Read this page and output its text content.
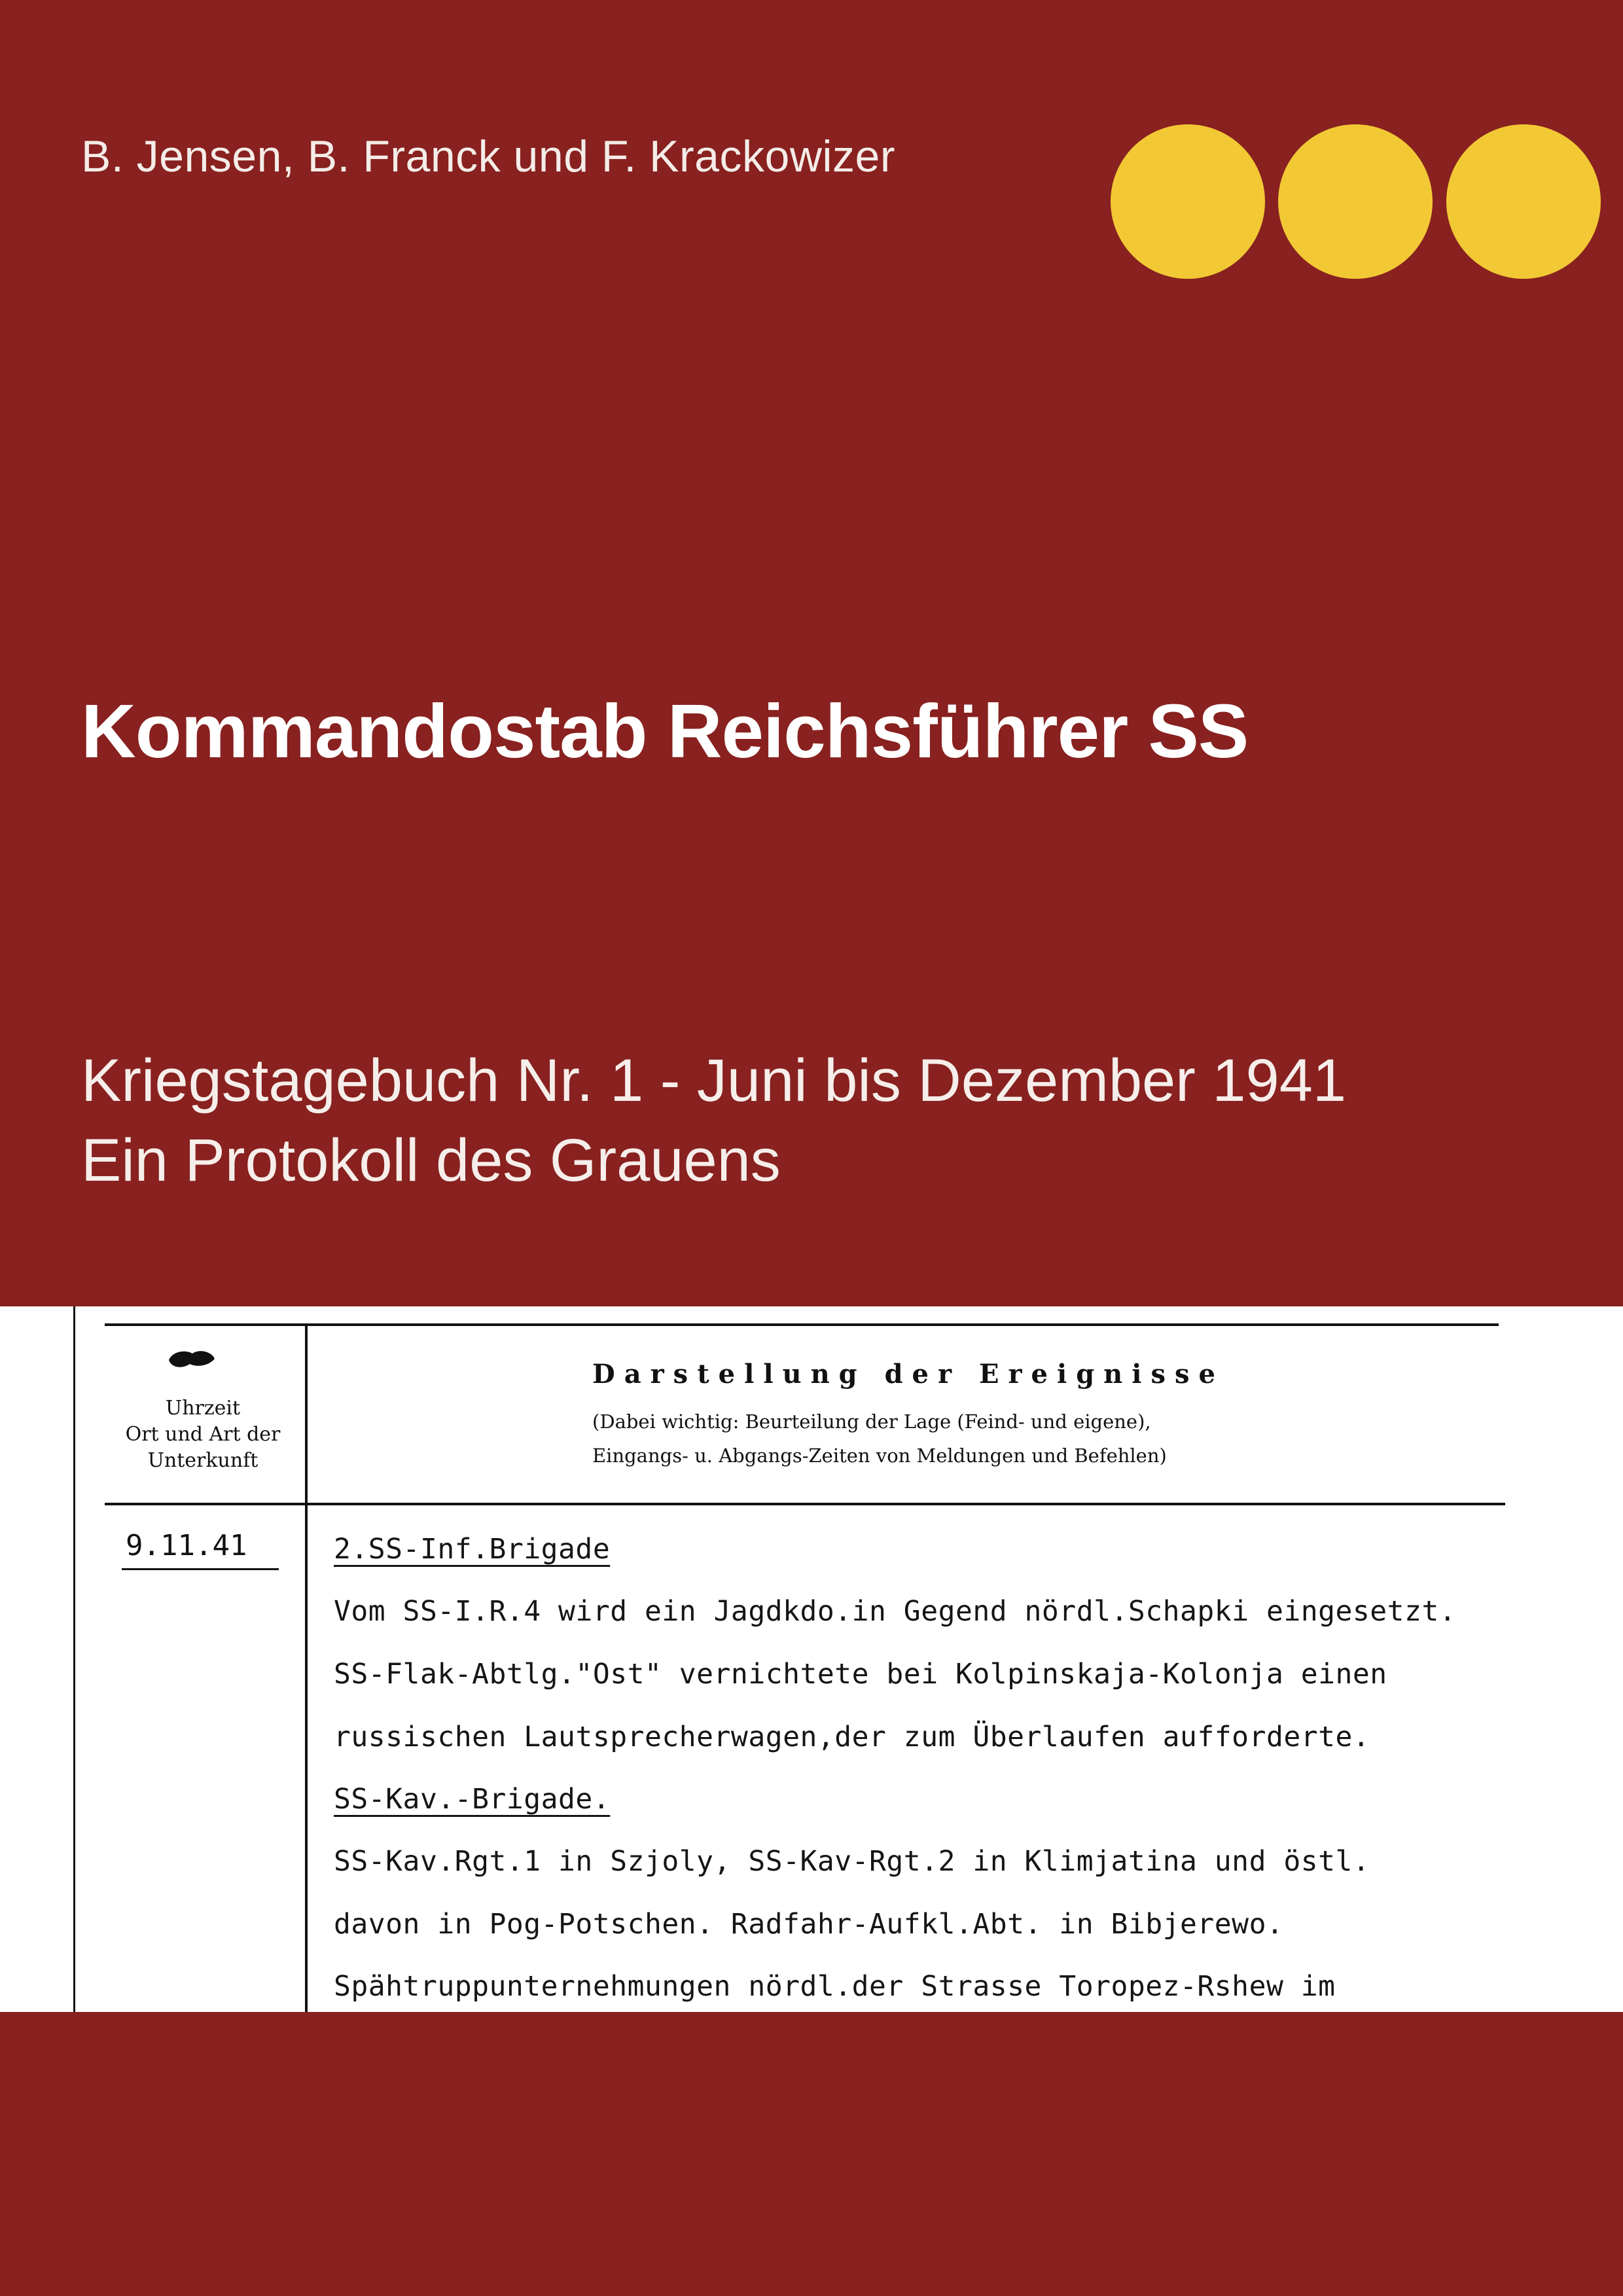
B. Jensen, B. Franck und F. Krackowizer
Kommandostab Reichsführer SS
Kriegstagebuch Nr. 1 - Juni bis Dezember 1941
Ein Protokoll des Grauens
Uhrzeit
Ort und Art der
Unterkunft
Darstellung der Ereignisse
(Dabei wichtig: Beurteilung der Lage (Feind- und eigene),
Eingangs- u. Abgangs-Zeiten von Meldungen und Befehlen)
9.11.41	2.SS-Inf.Brigade
Vom SS-I.R.4 wird ein Jagdkdo.in Gegend nördl.Schapki eingesetzt.
SS-Flak-Abtlg."Ost" vernichtete bei Kolpinskaja-Kolonja einen
russischen Lautsprecherwagen,der zum Überlaufen aufforderte.
SS-Kav.-Brigade.
SS-Kav.Rgt.1 in Szjoly, SS-Kav-Rgt.2 in Klimjatina und östl.
davon in Pog-Potschen. Radfahr-Aufkl.Abt. in Bibjerewo.
Spähtruppunternehmungen nördl.der Strasse Toropez-Rshew im
